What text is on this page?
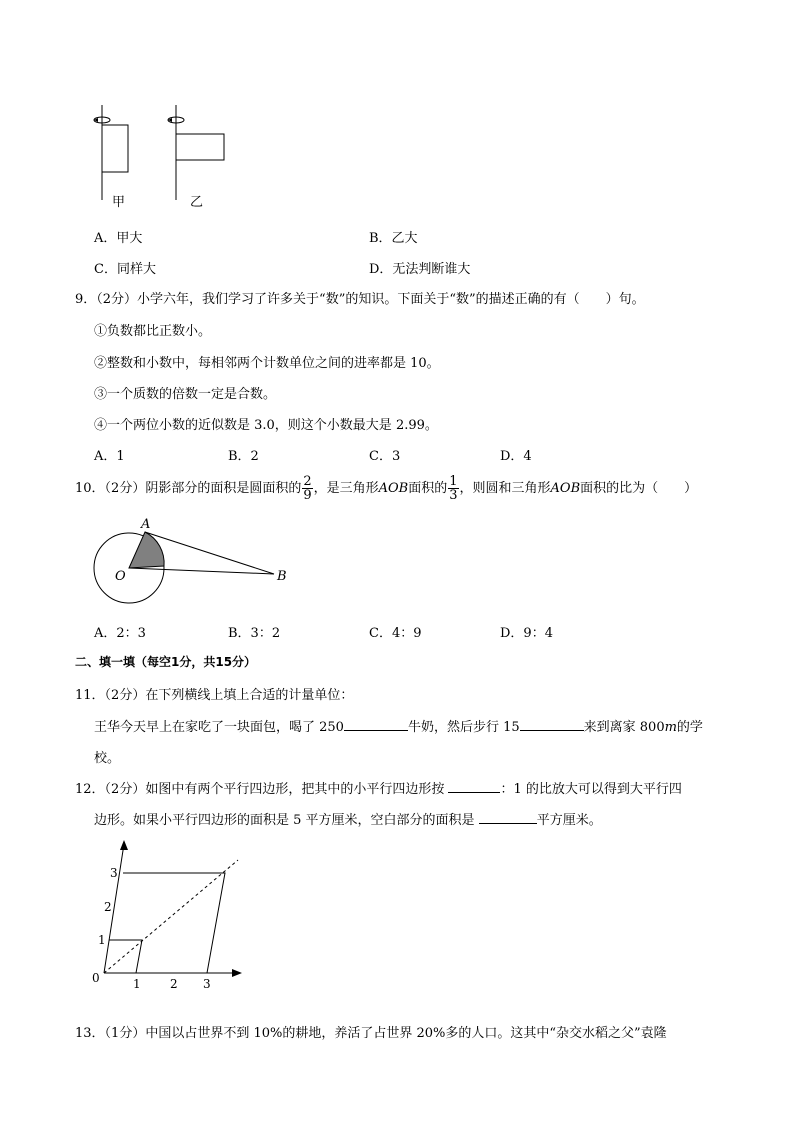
甲	乙
A．甲大	B．乙大
C．同样大	D．无法判断谁大
9．（2分）小学六年，我们学习了许多关于“数”的知识。下面关于“数”的描述正确的有（　　）句。
①负数都比正数小。
②整数和小数中，每相邻两个计数单位之间的进率都是 10。
③一个质数的倍数一定是合数。
④一个两位小数的近似数是 3.0，则这个小数最大是 2.99。
A．1	B．2	C．3	D．4
10．（2分）阴影部分的面积是圆面积的 $\frac{2}{9}$ ，是三角形AOB面积的 $\frac{1}{3}$ ，则圆和三角形AOB面积的比为（　　）
A
O	B
A．2：3	B．3：2	C．4：9	D．9：4
二、填一填（每空1分，共15分）
11．（2分）在下列横线上填上合适的计量单位：
王华今天早上在家吃了一块面包，喝了 250	牛奶，然后步行 15	来到离家 800m的学
校。
12．（2分）如图中有两个平行四边形，把其中的小平行四边形按	：1 的比放大可以得到大平行四
边形。如果小平行四边形的面积是 5 平方厘米，空白部分的面积是	平方厘米。
0	1 2 3
1
2
3
13．（1分）中国以占世界不到 10%的耕地，养活了占世界 20%多的人口。这其中“杂交水稻之父”袁隆
